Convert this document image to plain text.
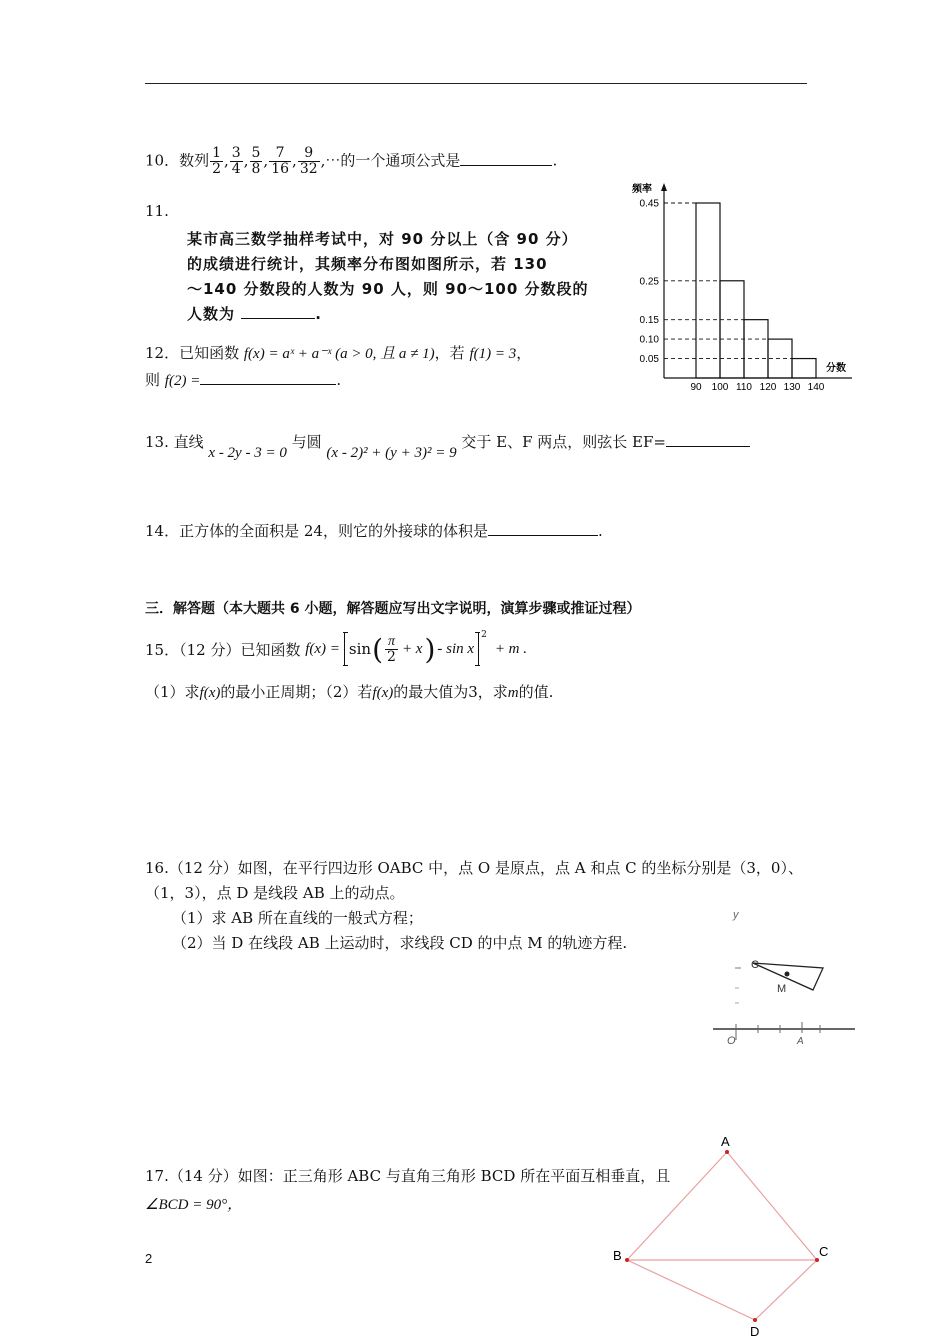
10．数列 $\frac{1}{2}$ , $\frac{3}{4}$ , $\frac{5}{8}$ , $\frac{7}{16}$ , $\frac{9}{32}$ ,⋯的一个通项公式是	.
11.
某市高三数学抽样考试中，对 90 分以上（含 90 分）
的成绩进行统计，其频率分布图如图所示，若 130
～140 分数段的人数为 90 人，则 90～100 分数段的
人数为	.
频率
分数
0.45
0.25
0.15
0.10
0.05
90 100 110 120 130 140
12．已知函数 f(x) = aˣ + a⁻ˣ (a > 0, 且 a ≠ 1)，若 f(1) = 3，
则 f(2) =	.
13. 直线 x - 2y - 3 = 0 与圆 (x - 2)² + (y + 3)² = 9 交于 E、F 两点，则弦长 EF=
14．正方体的全面积是 24，则它的外接球的体积是	.
三．解答题（本大题共 6 小题，解答题应写出文字说明，演算步骤或推证过程）
15．（12 分）已知函数
f(x) = sin ( $\frac{\pi}{2} + x$ ) - sin x
$^2$
+ m .
（1）求f(x)的最小正周期；（2）若f(x)的最大值为3，求m的值.
16.（12 分）如图，在平行四边形 OABC 中，点 O 是原点，点 A 和点 C 的坐标分别是（3，0）、
（1，3），点 D 是线段 AB 上的动点。
（1）求 AB 所在直线的一般式方程；
（2）当 D 在线段 AB 上运动时，求线段 CD 的中点 M 的轨迹方程.
y
C
M
O	A
17.（14 分）如图：正三角形 ABC 与直角三角形 BCD 所在平面互相垂直，且
∠BCD = 90°，
A
B	C
D
2
